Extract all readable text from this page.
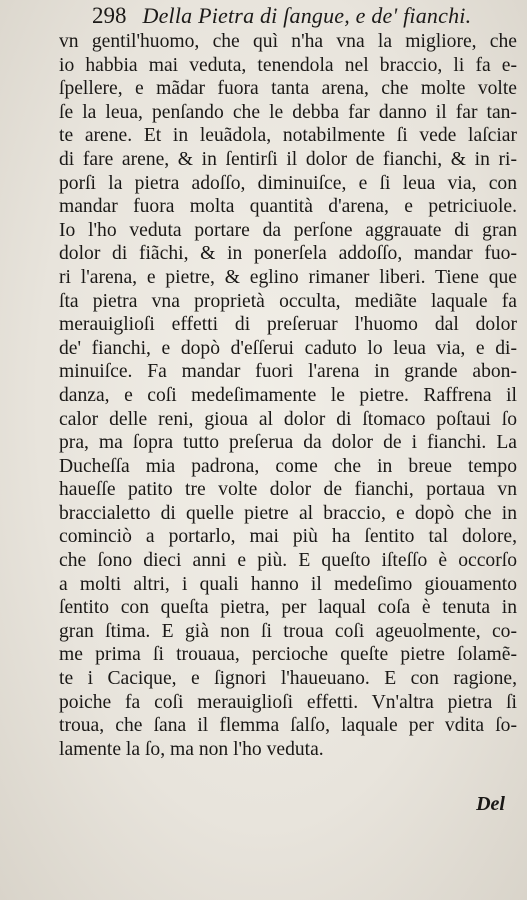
298 Della Pietra di ſangue, e de' fianchi.
vn gentil'huomo, che quì n'ha vna la migliore, che
io habbia mai veduta, tenendola nel braccio, li fa e-
ſpellere, e mãdar fuora tanta arena, che molte volte
ſe la leua, penſando che le debba far danno il far tan-
te arene. Et in leuãdola, notabilmente ſi vede laſciar
di fare arene, & in ſentirſi il dolor de fianchi, & in ri-
porſi la pietra adoſſo, diminuiſce, e ſi leua via, con
mandar fuora molta quantità d'arena, e petriciuole.
Io l'ho veduta portare da perſone aggrauate di gran
dolor di fiãchi, & in ponerſela addoſſo, mandar fuo-
ri l'arena, e pietre, & eglino rimaner liberi. Tiene que
ſta pietra vna proprietà occulta, mediãte laquale fa
merauiglioſi effetti di preſeruar l'huomo dal dolor
de' fianchi, e dopò d'eſſerui caduto lo leua via, e di-
minuiſce. Fa mandar fuori l'arena in grande abon-
danza, e coſi medeſimamente le pietre. Raffrena il
calor delle reni, gioua al dolor di ſtomaco poſtaui ſo
pra, ma ſopra tutto preſerua da dolor de i fianchi. La
Ducheſſa mia padrona, come che in breue tempo
haueſſe patito tre volte dolor de fianchi, portaua vn
braccialetto di quelle pietre al braccio, e dopò che in
cominciò a portarlo, mai più ha ſentito tal dolore,
che ſono dieci anni e più. E queſto iſteſſo è occorſo
a molti altri, i quali hanno il medeſimo giouamento
ſentito con queſta pietra, per laqual coſa è tenuta in
gran ſtima. E già non ſi troua coſi ageuolmente, co-
me prima ſi trouaua, percioche queſte pietre ſolamẽ-
te i Cacique, e ſignori l'haueuano. E con ragione,
poiche fa coſi merauiglioſi effetti. Vn'altra pietra ſi
troua, che ſana il flemma ſalſo, laquale per vdita ſo-
lamente la ſo, ma non l'ho veduta.

Del
